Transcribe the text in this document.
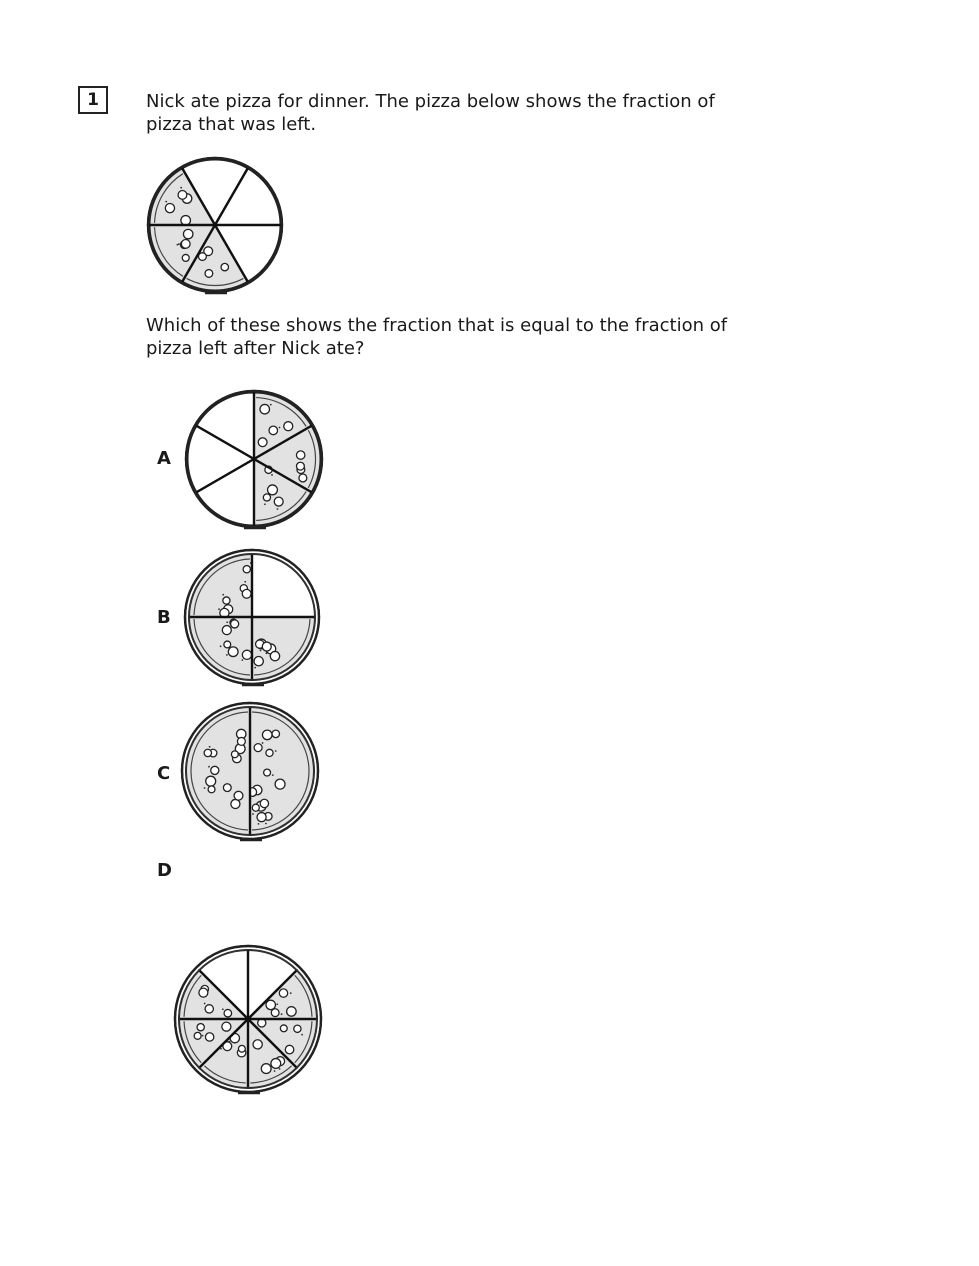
1	Nick ate pizza for dinner. The pizza below shows the fraction of
pizza that was left.
Which of these shows the fraction that is equal to the fraction of
pizza left after Nick ate?
A
B
C
D
